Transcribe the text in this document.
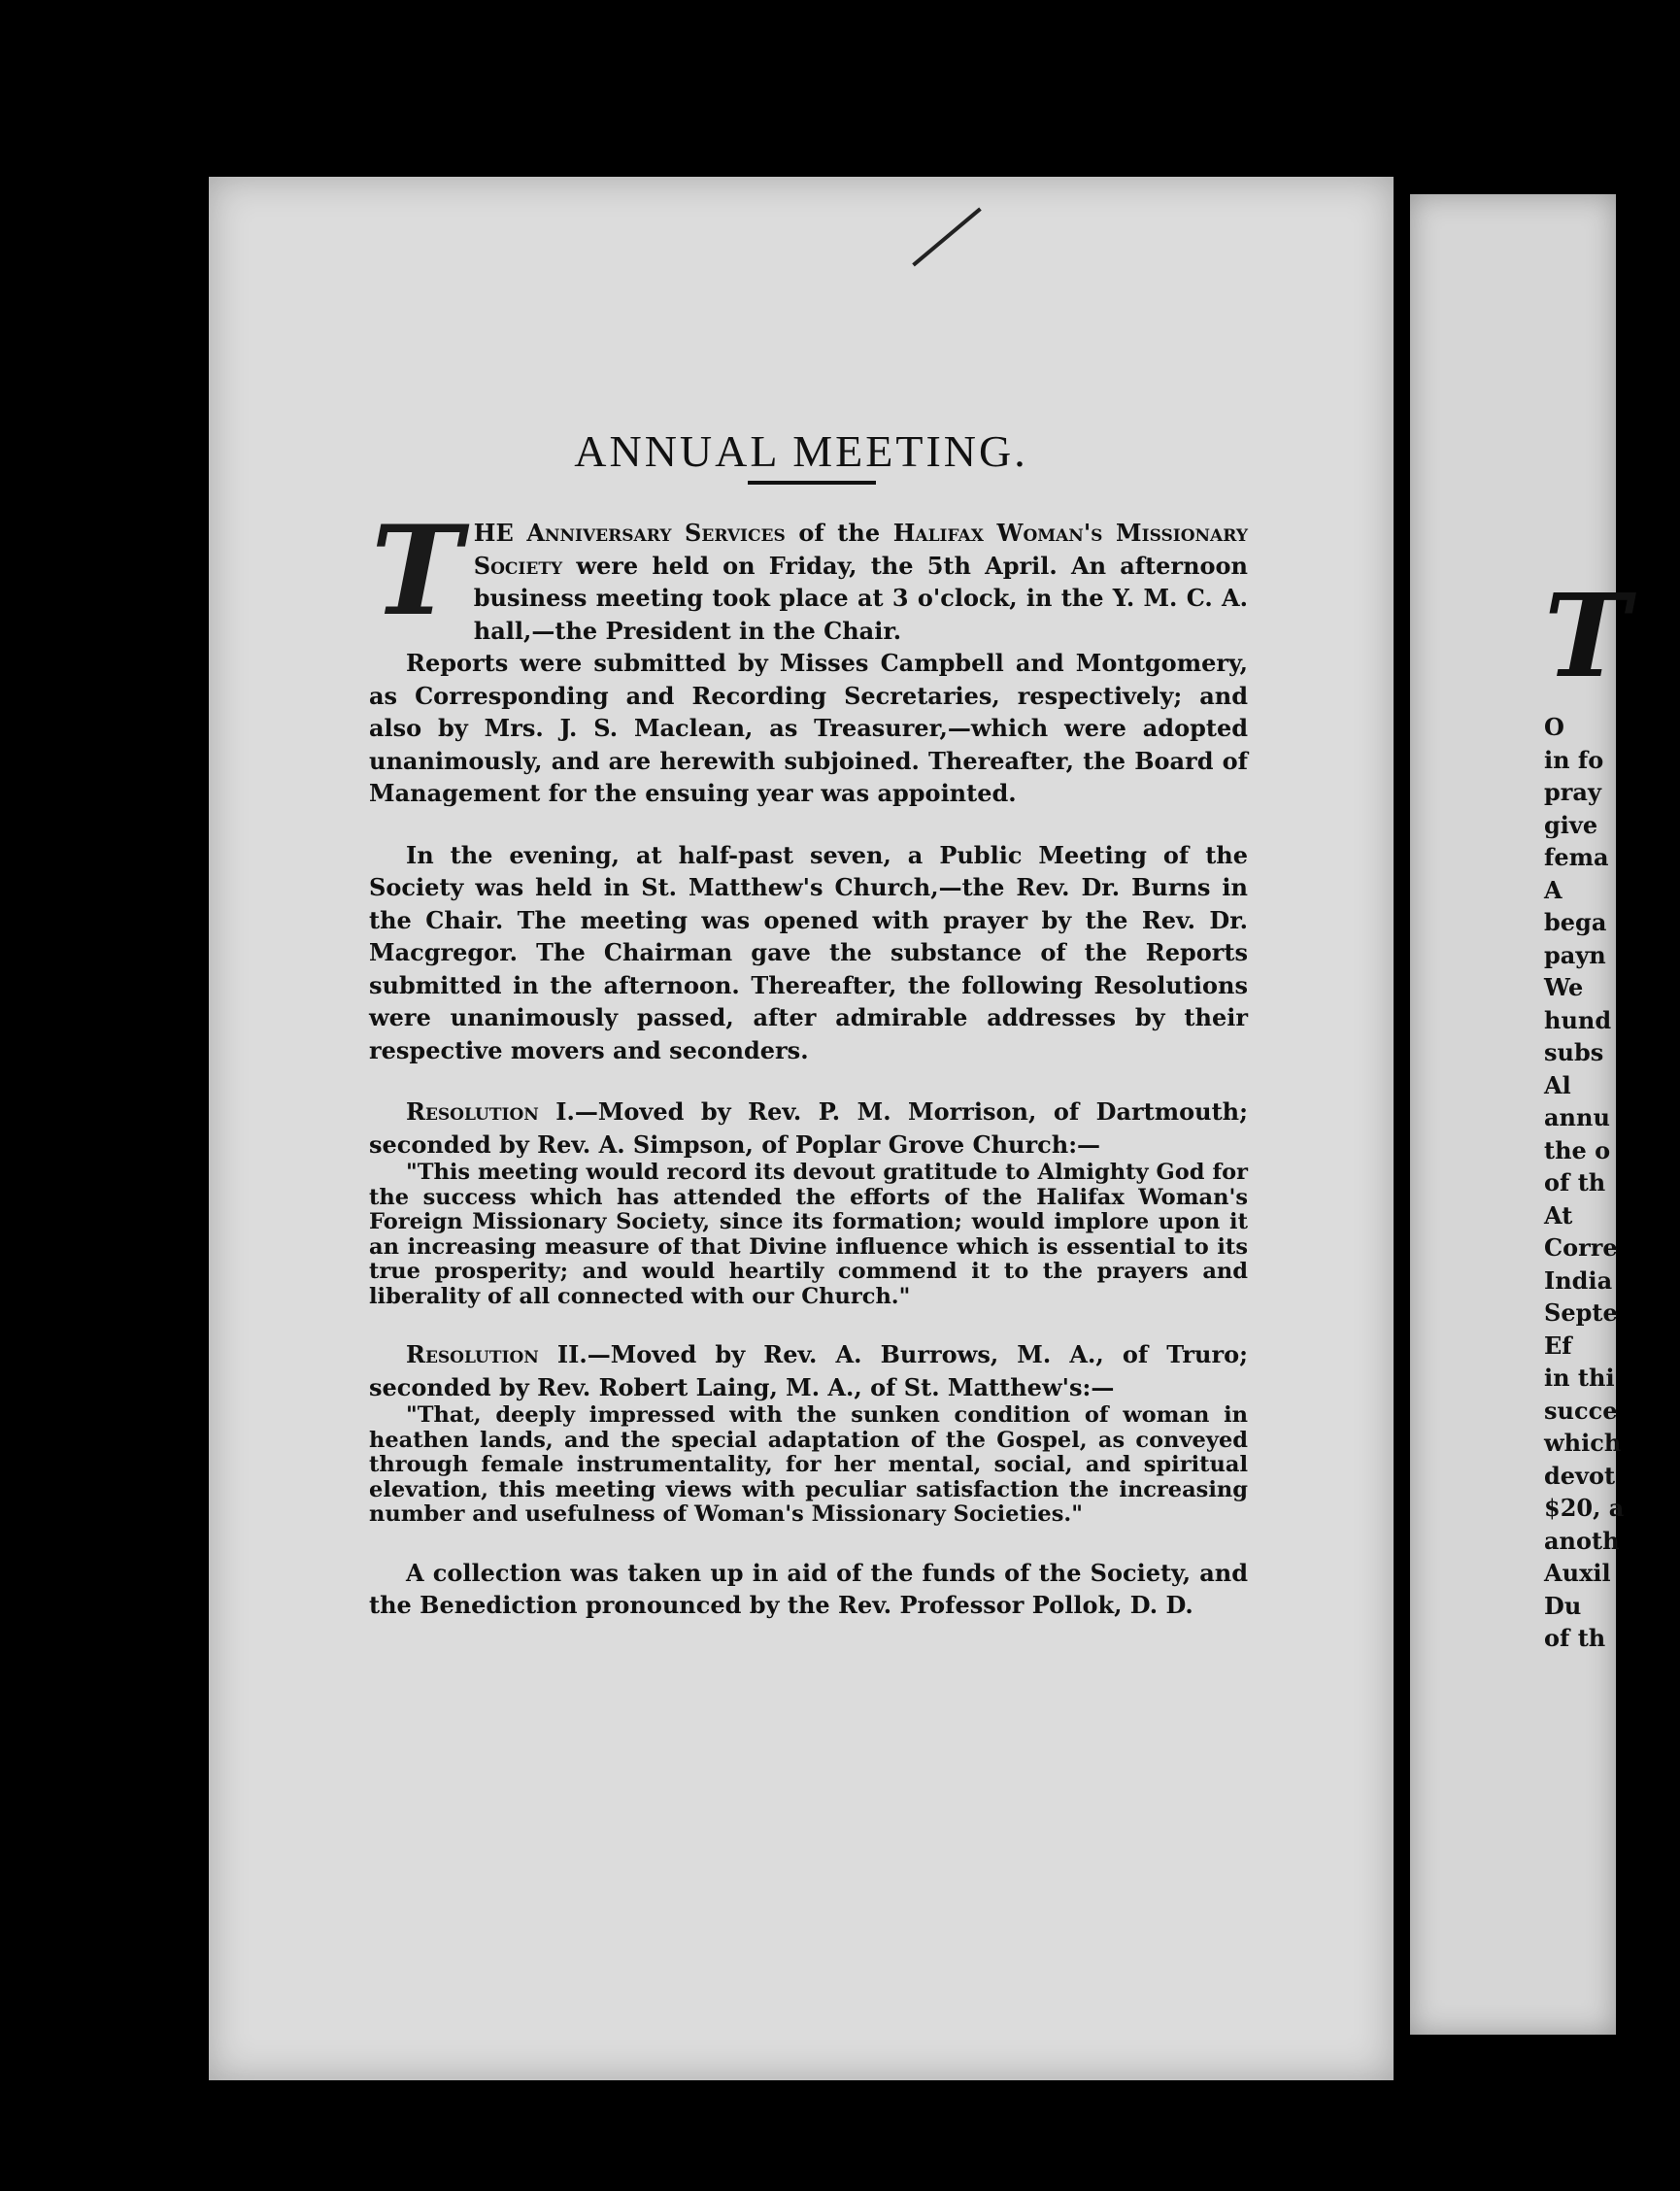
ANNUAL MEETING.
T HE Anniversary Services of the Halifax Woman's Missionary Society were held on Friday, the 5th April. An afternoon business meeting took place at 3 o'clock, in the Y. M. C. A. hall,—the President in the Chair.

Reports were submitted by Misses Campbell and Montgomery, as Corresponding and Recording Secretaries, respectively; and also by Mrs. J. S. Maclean, as Treasurer,—which were adopted unanimously, and are herewith subjoined. Thereafter, the Board of Management for the ensuing year was appointed.

In the evening, at half-past seven, a Public Meeting of the Society was held in St. Matthew's Church,—the Rev. Dr. Burns in the Chair. The meeting was opened with prayer by the Rev. Dr. Macgregor. The Chairman gave the substance of the Reports submitted in the afternoon. Thereafter, the following Resolutions were unanimously passed, after admirable addresses by their respective movers and seconders.

Resolution I.—Moved by Rev. P. M. Morrison, of Dartmouth; seconded by Rev. A. Simpson, of Poplar Grove Church:—

"This meeting would record its devout gratitude to Almighty God for the success which has attended the efforts of the Halifax Woman's Foreign Missionary Society, since its formation; would implore upon it an increasing measure of that Divine influence which is essential to its true prosperity; and would heartily commend it to the prayers and liberality of all connected with our Church."

Resolution II.—Moved by Rev. A. Burrows, M. A., of Truro; seconded by Rev. Robert Laing, M. A., of St. Matthew's:—

"That, deeply impressed with the sunken condition of woman in heathen lands, and the special adaptation of the Gospel, as conveyed through female instrumentality, for her mental, social, and spiritual elevation, this meeting views with peculiar satisfaction the increasing number and usefulness of Woman's Missionary Societies."

A collection was taken up in aid of the funds of the Society, and the Benediction pronounced by the Rev. Professor Pollok, D. D.

T
O
in fo
pray
give
fema
A
bega
payn
We
hund
subs
Al
annu
the o
of th
At
Corre
India
Septe
Ef
in thi
succe
which
devot
$20, a
anoth
Auxil
Du
of th
